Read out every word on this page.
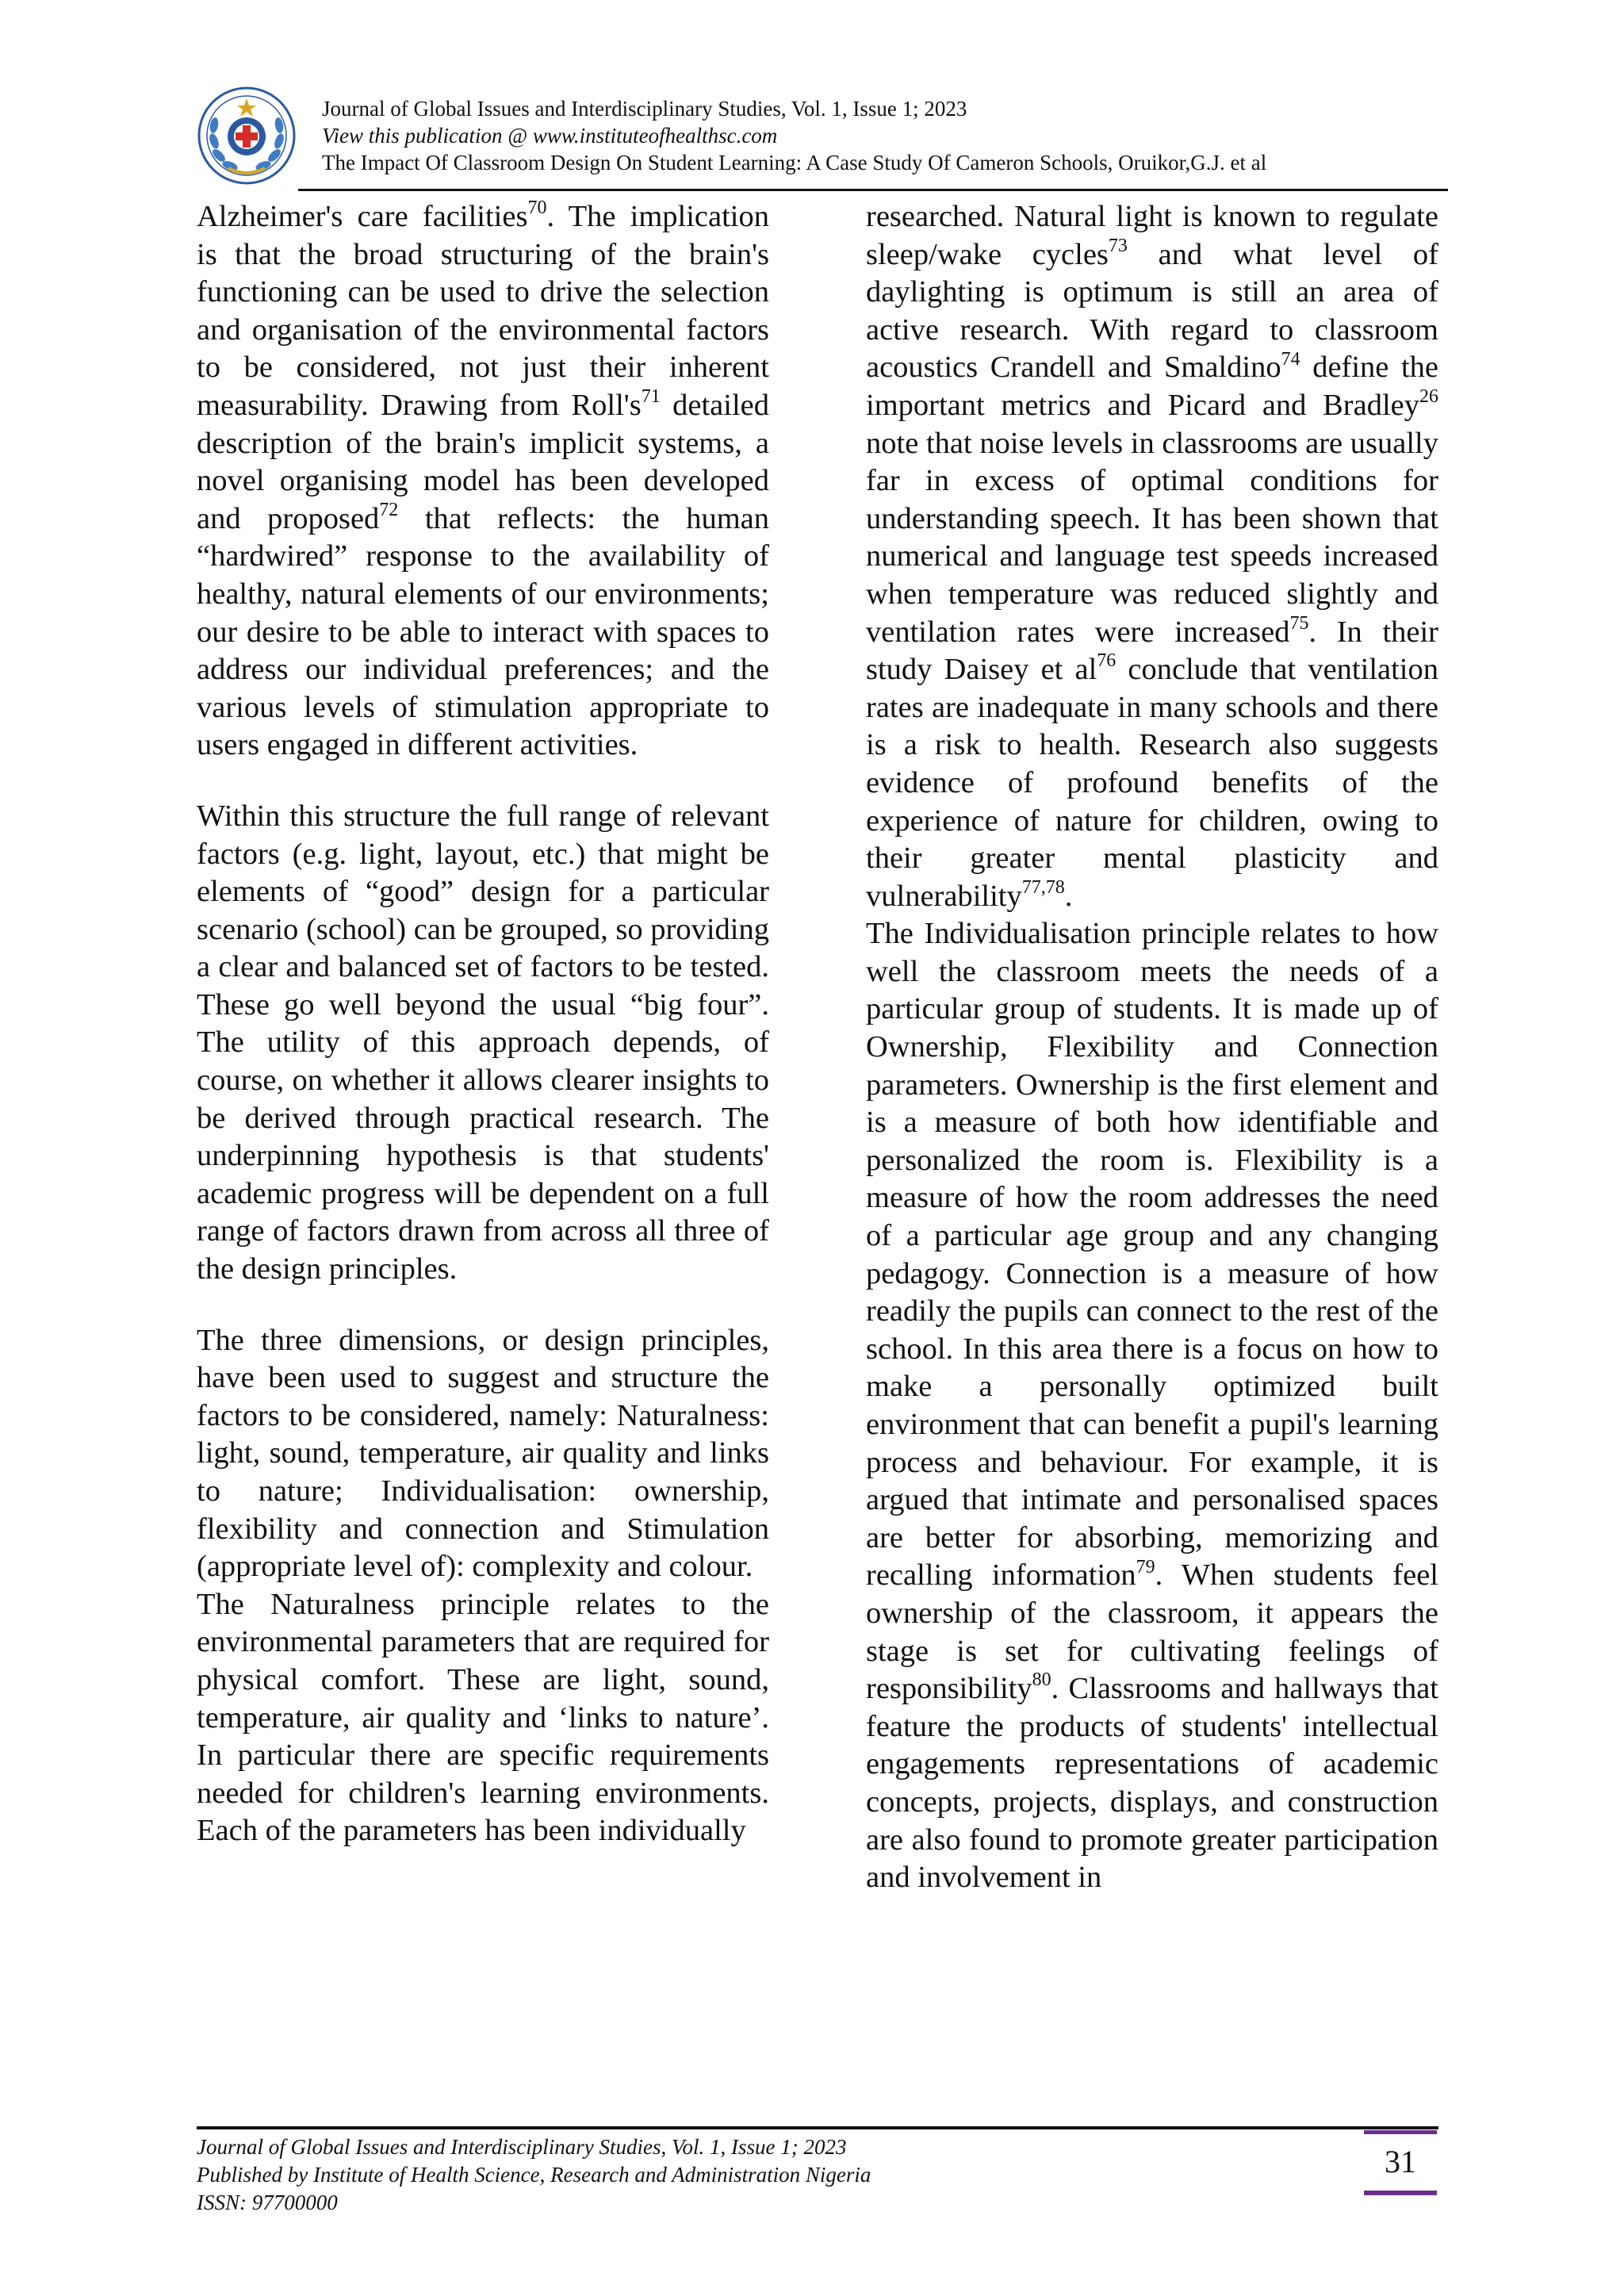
Journal of Global Issues and Interdisciplinary Studies, Vol. 1, Issue 1; 2023
View this publication @ www.instituteofhealthsc.com
The Impact Of Classroom Design On Student Learning: A Case Study Of Cameron Schools, Oruikor,G.J. et al

Alzheimer's care facilities$^{70}$. The implication is that the broad structuring of the brain's functioning can be used to drive the selection and organisation of the environmental factors to be considered, not just their inherent measurability. Drawing from $Roll's^{71}$ detailed description of the brain's implicit systems, a novel organising model has been developed and proposed$^{72}$ that reflects: the human “hardwired” response to the availability of healthy, natural elements of our environments; our desire to be able to interact with spaces to address our individual preferences; and the various levels of stimulation appropriate to users engaged in different activities.

Within this structure the full range of relevant factors (e.g. light, layout, etc.) that might be elements of “good” design for a particular scenario (school) can be grouped, so providing a clear and balanced set of factors to be tested. These go well beyond the usual “big four”. The utility of this approach depends, of course, on whether it allows clearer insights to be derived through practical research. The underpinning hypothesis is that students' academic progress will be dependent on a full range of factors drawn from across all three of the design principles.

The three dimensions, or design principles, have been used to suggest and structure the factors to be considered, namely: Naturalness: light, sound, temperature, air quality and links to nature; Individualisation: ownership, flexibility and connection and Stimulation (appropriate level of): complexity and colour.

The Naturalness principle relates to the environmental parameters that are required for physical comfort. These are light, sound, temperature, air quality and ‘links to nature’. In particular there are specific requirements needed for children's learning environments. Each of the parameters has been individually

researched. Natural light is known to regulate sleep/wake cycles$^{73}$ and what level of daylighting is optimum is still an area of active research. With regard to classroom acoustics Crandell and Smaldino$^{74}$ define the important metrics and Picard and Bradley$^{26}$ note that noise levels in classrooms are usually far in excess of optimal conditions for understanding speech. It has been shown that numerical and language test speeds increased when temperature was reduced slightly and ventilation rates were increased$^{75}$. In their study Daisey et $al^{76}$ conclude that ventilation rates are inadequate in many schools and there is a risk to health. Research also suggests evidence of profound benefits of the experience of nature for children, owing to their greater mental plasticity and vulnerability$^{77,78}$.

The Individualisation principle relates to how well the classroom meets the needs of a particular group of students. It is made up of Ownership, Flexibility and Connection parameters. Ownership is the first element and is a measure of both how identifiable and personalized the room is. Flexibility is a measure of how the room addresses the need of a particular age group and any changing pedagogy. Connection is a measure of how readily the pupils can connect to the rest of the school. In this area there is a focus on how to make a personally optimized built environment that can benefit a pupil's learning process and behaviour. For example, it is argued that intimate and personalised spaces are better for absorbing, memorizing and recalling information$^{79}$. When students feel ownership of the classroom, it appears the stage is set for cultivating feelings of responsibility$^{80}$. Classrooms and hallways that feature the products of students' intellectual engagements representations of academic concepts, projects, displays, and construction are also found to promote greater participation and involvement in

Journal of Global Issues and Interdisciplinary Studies, Vol. 1, Issue 1; 2023
Published by Institute of Health Science, Research and Administration Nigeria
ISSN: 97700000
31
